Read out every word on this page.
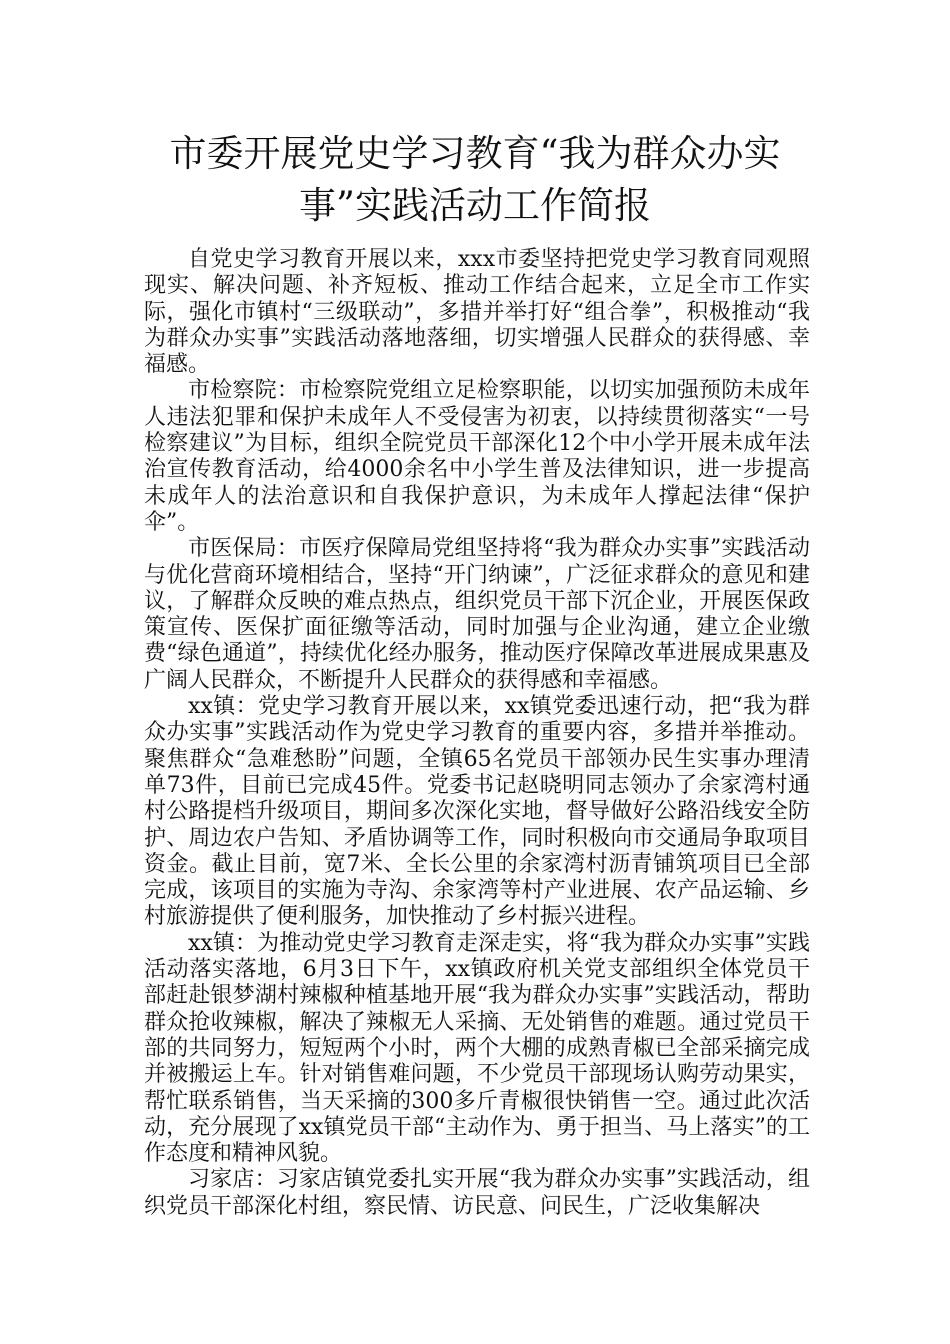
市委开展党史学习教育“我为群众办实
事”实践活动工作简报

自党史学习教育开展以来，xxx市委坚持把党史学习教育同观照现实、解决问题、补齐短板、推动工作结合起来，立足全市工作实际，强化市镇村“三级联动”，多措并举打好“组合拳”，积极推动“我为群众办实事”实践活动落地落细，切实增强人民群众的获得感、幸福感。

市检察院：市检察院党组立足检察职能，以切实加强预防未成年人违法犯罪和保护未成年人不受侵害为初衷，以持续贯彻落实“一号检察建议”为目标，组织全院党员干部深化12个中小学开展未成年法治宣传教育活动，给4000余名中小学生普及法律知识，进一步提高未成年人的法治意识和自我保护意识，为未成年人撑起法律“保护伞”。

市医保局：市医疗保障局党组坚持将“我为群众办实事”实践活动与优化营商环境相结合，坚持“开门纳谏”，广泛征求群众的意见和建议，了解群众反映的难点热点，组织党员干部下沉企业，开展医保政策宣传、医保扩面征缴等活动，同时加强与企业沟通，建立企业缴费“绿色通道”，持续优化经办服务，推动医疗保障改革进展成果惠及广阔人民群众，不断提升人民群众的获得感和幸福感。

xx镇：党史学习教育开展以来，xx镇党委迅速行动，把“我为群众办实事”实践活动作为党史学习教育的重要内容，多措并举推动。聚焦群众“急难愁盼”问题，全镇65名党员干部领办民生实事办理清单73件，目前已完成45件。党委书记赵晓明同志领办了余家湾村通村公路提档升级项目，期间多次深化实地，督导做好公路沿线安全防护、周边农户告知、矛盾协调等工作，同时积极向市交通局争取项目资金。截止目前，宽7米、全长公里的余家湾村沥青铺筑项目已全部完成，该项目的实施为寺沟、余家湾等村产业进展、农产品运输、乡村旅游提供了便利服务，加快推动了乡村振兴进程。

xx镇：为推动党史学习教育走深走实，将“我为群众办实事”实践活动落实落地，6月3日下午，xx镇政府机关党支部组织全体党员干部赶赴银梦湖村辣椒种植基地开展“我为群众办实事”实践活动，帮助群众抢收辣椒，解决了辣椒无人采摘、无处销售的难题。通过党员干部的共同努力，短短两个小时，两个大棚的成熟青椒已全部采摘完成并被搬运上车。针对销售难问题，不少党员干部现场认购劳动果实，帮忙联系销售，当天采摘的300多斤青椒很快销售一空。通过此次活动，充分展现了xx镇党员干部“主动作为、勇于担当、马上落实”的工作态度和精神风貌。

习家店：习家店镇党委扎实开展“我为群众办实事”实践活动，组织党员干部深化村组，察民情、访民意、问民生，广泛收集解决
